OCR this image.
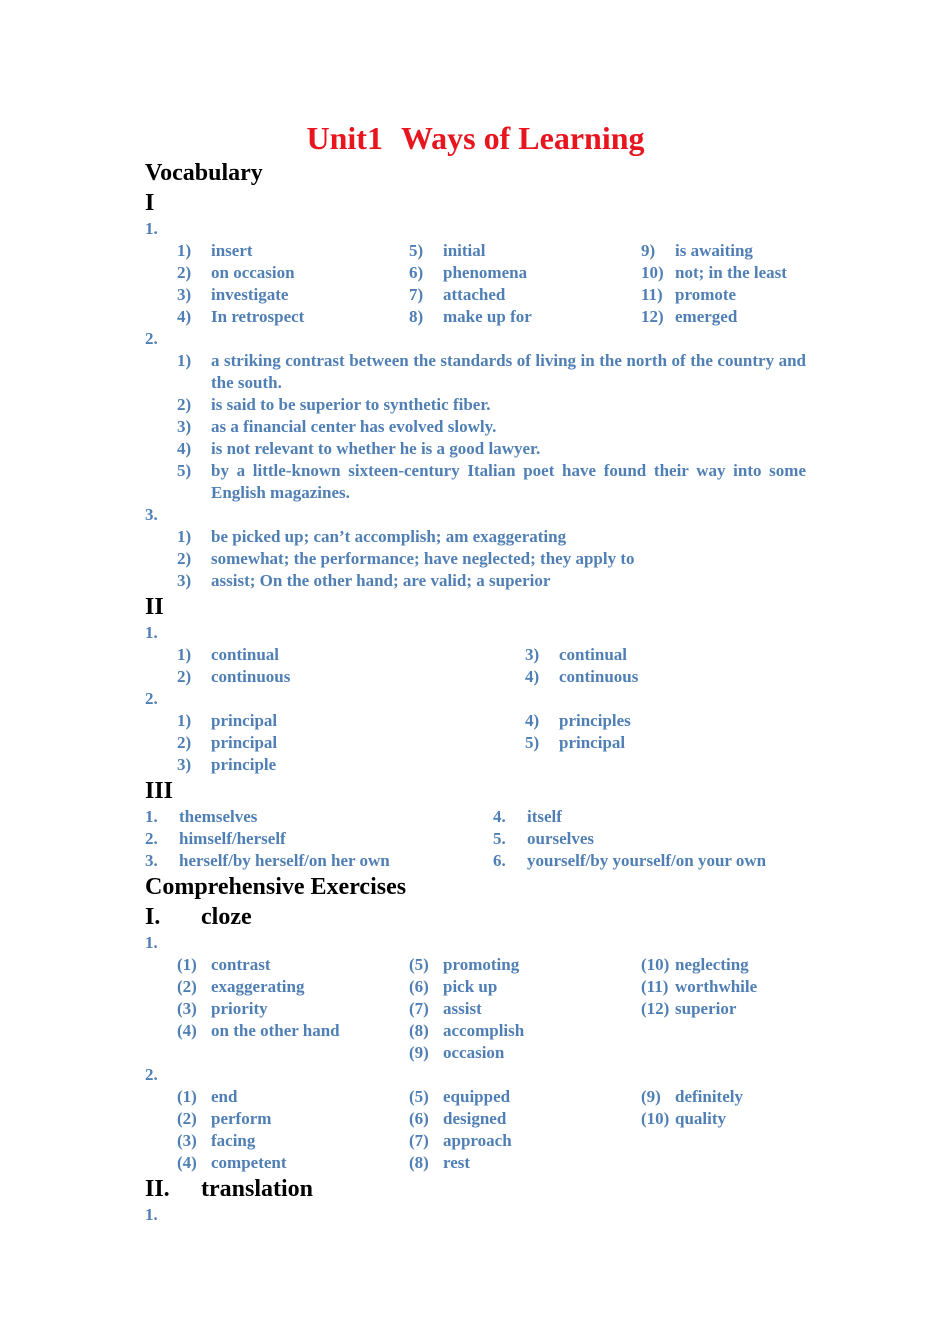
Unit1 Ways of Learning
Vocabulary
I
1.
1) insert	5) initial	9) is awaiting
2) on occasion	6) phenomena	10) not; in the least
3) investigate	7) attached	11) promote
4) In retrospect	8) make up for	12) emerged
2.
1) a striking contrast between the standards of living in the north of the country and the south.
2) is said to be superior to synthetic fiber.
3) as a financial center has evolved slowly.
4) is not relevant to whether he is a good lawyer.
5) by a little-known sixteen-century Italian poet have found their way into some English magazines.
3.
1) be picked up; can’t accomplish; am exaggerating
2) somewhat; the performance; have neglected; they apply to
3) assist; On the other hand; are valid; a superior
II
1.
1) continual	3) continual
2) continuous	4) continuous
2.
1) principal	4) principles
2) principal	5) principal
3) principle
III
1. themselves	4. itself
2. himself/herself	5. ourselves
3. herself/by herself/on her own	6. yourself/by yourself/on your own
Comprehensive Exercises
I. cloze
1.
(1) contrast	(5) promoting	(10) neglecting
(2) exaggerating	(6) pick up	(11) worthwhile
(3) priority	(7) assist	(12) superior
(4) on the other hand	(8) accomplish
(9) occasion
2.
(1) end	(5) equipped	(9) definitely
(2) perform	(6) designed	(10) quality
(3) facing	(7) approach
(4) competent	(8) rest
II. translation
1.
